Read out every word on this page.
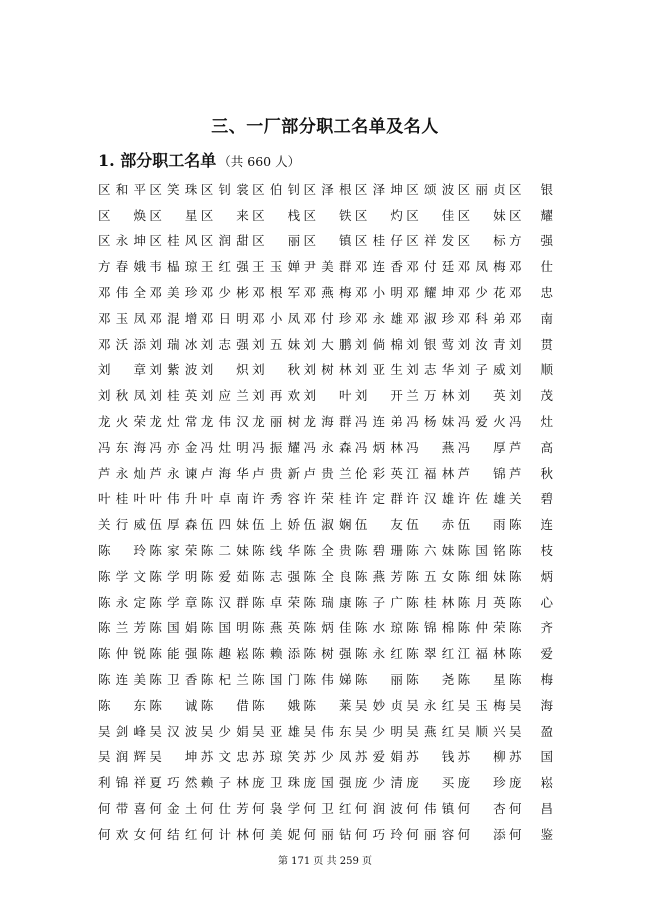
三、一厂部分职工名单及名人
1. 部分职工名单 （共 660 人）
区和平 区笑珠 区钊裳 区伯钊 区泽根 区泽坤 区颂波 区丽贞 区 银
区 焕 区 星 区 来 区 栈 区 铁 区 灼 区 佳 区 妹 区 耀
区永坤 区桂风 区润甜 区 丽 区 镇 区桂仔 区祥发 区 标 方 强
方春娥 韦榀琼 王红强 王玉婵 尹美群 邓连香 邓付廷 邓凤梅 邓 仕
邓伟全 邓美珍 邓少彬 邓根军 邓燕梅 邓小明 邓耀坤 邓少花 邓 忠
邓玉凤 邓混增 邓日明 邓小凤 邓付珍 邓永雄 邓淑珍 邓科弟 邓 南
邓沃添 刘瑞冰 刘志强 刘五妹 刘大鹏 刘倘棉 刘银莺 刘汝青 刘 贯
刘 章 刘紫波 刘 炽 刘 秋 刘树林 刘亚生 刘志华 刘子威 刘 顺
刘秋凤 刘桂英 刘应兰 刘再欢 刘 叶 刘 开 兰万林 刘 英 刘 茂
龙火荣 龙灶常 龙伟汉 龙丽树 龙海群 冯连弟 冯杨妹 冯爱火 冯 灶
冯东海 冯亦金 冯灶明 冯振耀 冯永森 冯炳林 冯 燕 冯 厚 芦 高
芦永灿 芦永谏 卢海华 卢贵新 卢贵兰 伦彩英 江福林 芦 锦 芦 秋
叶桂叶 叶伟升 叶卓南 许秀容 许荣桂 许定群 许汉雄 许佐雄 关 碧
关行威 伍厚森 伍四妹 伍上娇 伍淑娴 伍 友 伍 赤 伍 雨 陈 连
陈 玲 陈家荣 陈二妹 陈线华 陈全贵 陈碧珊 陈六妹 陈国铭 陈 枝
陈学文 陈学明 陈爱茹 陈志强 陈全良 陈燕芳 陈五女 陈细妹 陈 炳
陈永定 陈学章 陈汉群 陈卓荣 陈瑞康 陈子广 陈桂林 陈月英 陈 心
陈兰芳 陈国娟 陈国明 陈燕英 陈炳佳 陈水琼 陈锦棉 陈仲荣 陈 齐
陈仲锐 陈能强 陈趣崧 陈赖添 陈树强 陈永红 陈翠红 江福林 陈 爱
陈连美 陈卫香 陈杞兰 陈国门 陈伟娣 陈 丽 陈 尧 陈 星 陈 梅
陈 东 陈 诚 陈 借 陈 娥 陈 莱 吴妙贞 吴永红 吴玉梅 吴 海
吴剑峰 吴汉波 吴少娟 吴亚雄 吴伟东 吴少明 吴燕红 吴顺兴 吴 盈
吴润辉 吴 坤 苏文忠 苏琼笑 苏少凤 苏爱娟 苏 钱 苏 柳 苏 国
利锦祥 夏巧然 赖子林 庞卫珠 庞国强 庞少清 庞 买 庞 珍 庞 崧
何带喜 何金土 何仕芳 何袅学 何卫红 何润波 何伟镇 何 杏 何 昌
何欢女 何结红 何计林 何美妮 何丽钻 何巧玲 何丽容 何 添 何 鉴

第 171 页 共 259 页
